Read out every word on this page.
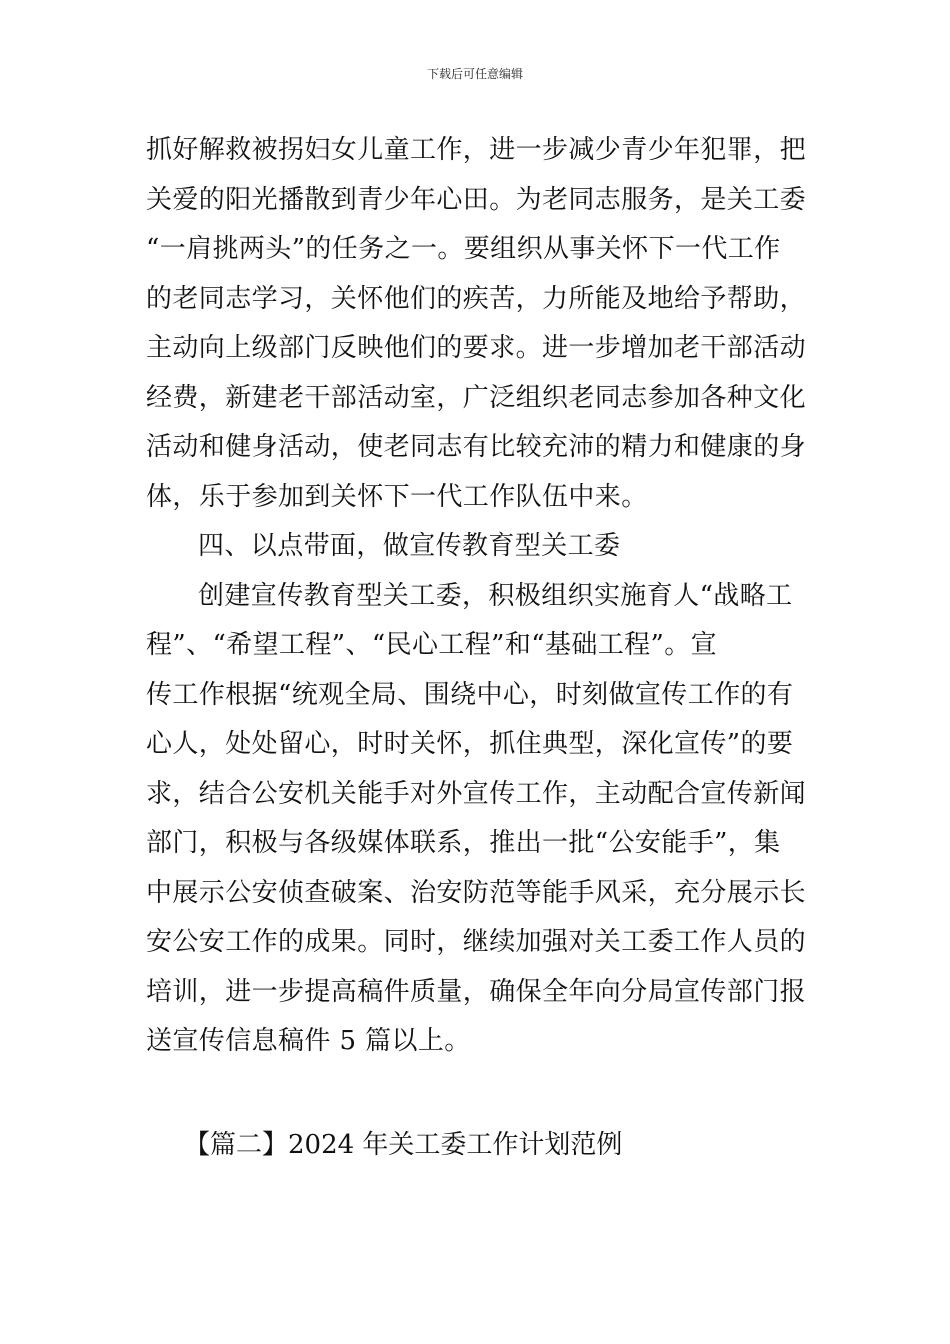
下载后可任意编辑
抓好解救被拐妇女儿童工作，进一步减少青少年犯罪，把
关爱的阳光播散到青少年心田。为老同志服务，是关工委
“一肩挑两头”的任务之一。要组织从事关怀下一代工作
的老同志学习，关怀他们的疾苦，力所能及地给予帮助，
主动向上级部门反映他们的要求。进一步增加老干部活动
经费，新建老干部活动室，广泛组织老同志参加各种文化
活动和健身活动，使老同志有比较充沛的精力和健康的身
体，乐于参加到关怀下一代工作队伍中来。
四、以点带面，做宣传教育型关工委
创建宣传教育型关工委，积极组织实施育人“战略工
程”、“希望工程”、“民心工程”和“基础工程”。宣
传工作根据“统观全局、围绕中心，时刻做宣传工作的有
心人，处处留心，时时关怀，抓住典型，深化宣传”的要
求，结合公安机关能手对外宣传工作，主动配合宣传新闻
部门，积极与各级媒体联系，推出一批“公安能手”，集
中展示公安侦查破案、治安防范等能手风采，充分展示长
安公安工作的成果。同时，继续加强对关工委工作人员的
培训，进一步提高稿件质量，确保全年向分局宣传部门报
送宣传信息稿件 5 篇以上。
【篇二】2024 年关工委工作计划范例
